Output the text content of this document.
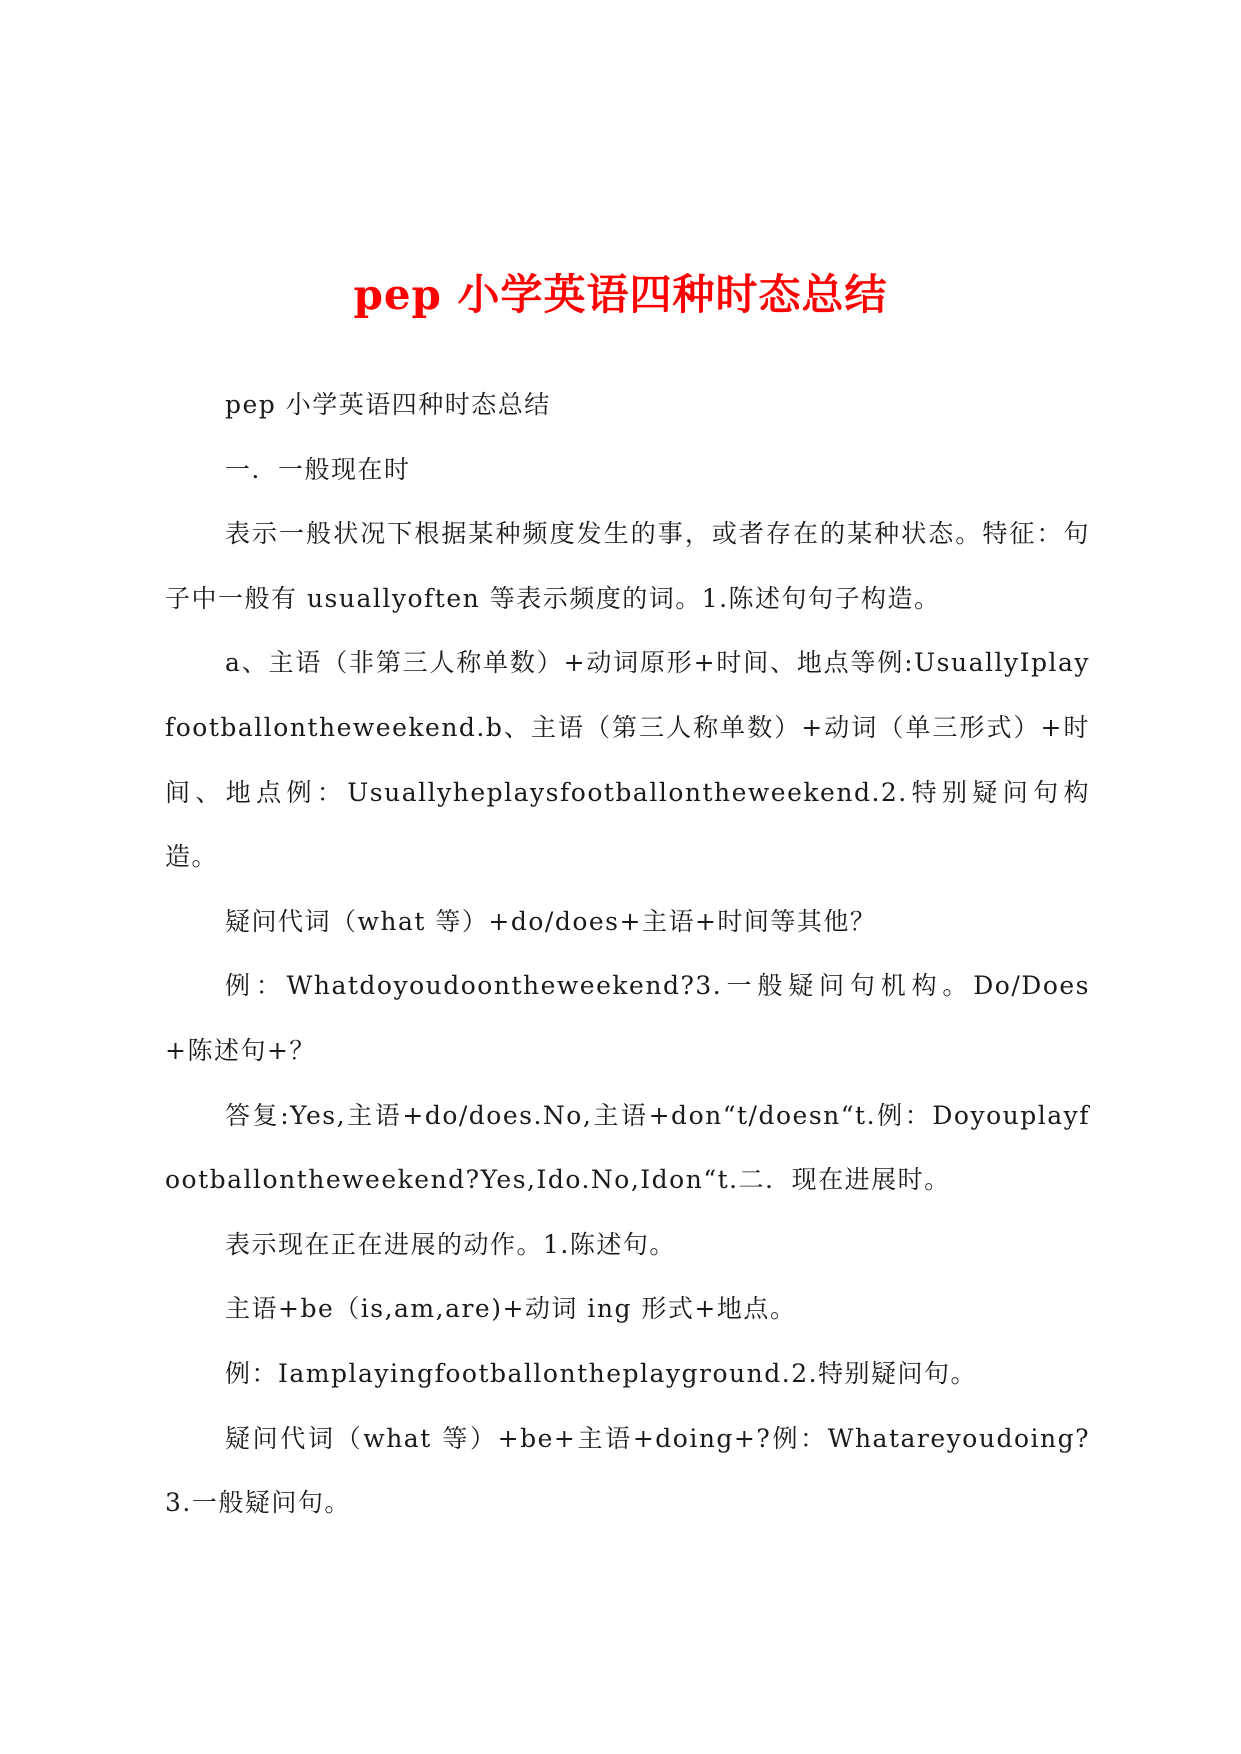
pep 小学英语四种时态总结

pep 小学英语四种时态总结

一．一般现在时

表示一般状况下根据某种频度发生的事，或者存在的某种状态。特征：句子中一般有 usuallyoften 等表示频度的词。1.陈述句句子构造。

a、主语（非第三人称单数）+动词原形+时间、地点等例:UsuallyIplayfootballontheweekend.b、主语（第三人称单数）+动词（单三形式）+时间、地点例：Usuallyheplaysfootballontheweekend.2.特别疑问句构造。

疑问代词（what 等）+do/does+主语+时间等其他？

例：Whatdoyoudoontheweekend?3.一般疑问句机构。Do/Does+陈述句+？

答复:Yes,主语+do/does.No,主语+don“t/doesn“t.例：Doyouplayfootballontheweekend?Yes,Ido.No,Idon“t.二．现在进展时。

表示现在正在进展的动作。1.陈述句。

主语+be（is,am,are)+动词 ing 形式+地点。

例：Iamplayingfootballontheplayground.2.特别疑问句。

疑问代词（what 等）+be+主语+doing+?例：Whatareyoudoing?3.一般疑问句。
